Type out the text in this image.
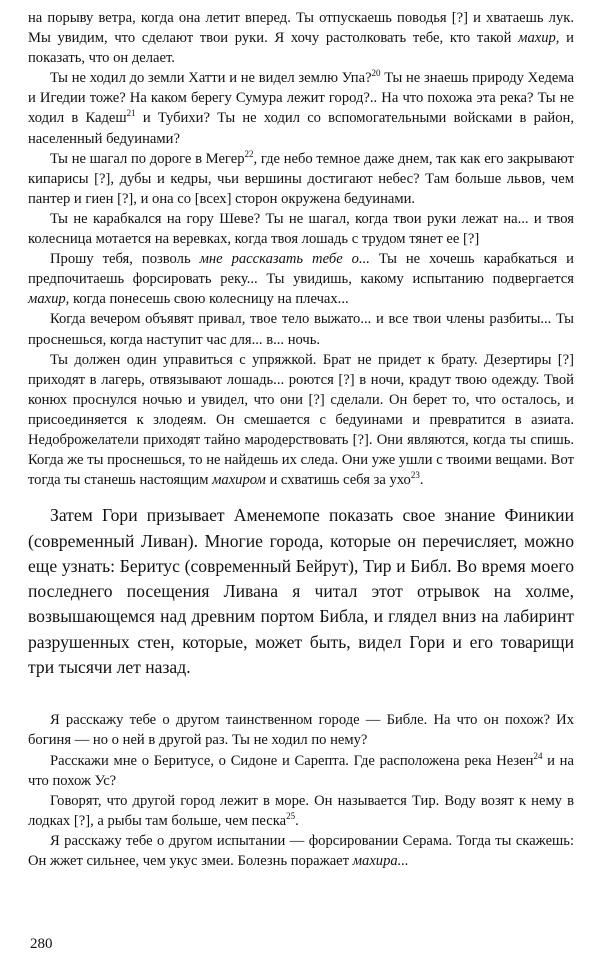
на порыву ветра, когда она летит вперед. Ты отпускаешь поводья [?] и хватаешь лук. Мы увидим, что сделают твои руки. Я хочу растолковать тебе, кто такой махир, и показать, что он делает.

Ты не ходил до земли Хатти и не видел землю Упа?$^{20}$ Ты не знаешь природу Хедема и Игедии тоже? На каком берегу Сумура лежит город?.. На что похожа эта река? Ты не ходил в Кадеш$^{21}$ и Тубихи? Ты не ходил со вспомогательными войсками в район, населенный бедуинами?

Ты не шагал по дороге в Мегер$^{22}$, где небо темное даже днем, так как его закрывают кипарисы [?], дубы и кедры, чьи вершины достигают небес? Там больше львов, чем пантер и гиен [?], и она со [всех] сторон окружена бедуинами.

Ты не карабкался на гору Шеве? Ты не шагал, когда твои руки лежат на... и твоя колесница мотается на веревках, когда твоя лошадь с трудом тянет ее [?]

Прошу тебя, позволь мне рассказать тебе о... Ты не хочешь карабкаться и предпочитаешь форсировать реку... Ты увидишь, какому испытанию подвергается махир, когда понесешь свою колесницу на плечах...

Когда вечером объявят привал, твое тело выжато... и все твои члены разбиты... Ты проснешься, когда наступит час для... в... ночь.

Ты должен один управиться с упряжкой. Брат не придет к брату. Дезертиры [?] приходят в лагерь, отвязывают лошадь... роются [?] в ночи, крадут твою одежду. Твой конюх проснулся ночью и увидел, что они [?] сделали. Он берет то, что осталось, и присоединяется к злодеям. Он смешается с бедуинами и превратится в азиата. Недоброжелатели приходят тайно мародерствовать [?]. Они являются, когда ты спишь. Когда же ты проснешься, то не найдешь их следа. Они уже ушли с твоими вещами. Вот тогда ты станешь настоящим махиром и схватишь себя за ухо$^{23}$.

Затем Гори призывает Аменемопе показать свое знание Финикии (современный Ливан). Многие города, которые он перечисляет, можно еще узнать: Беритус (современный Бейрут), Тир и Библ. Во время моего последнего посещения Ливана я читал этот отрывок на холме, возвышающемся над древним портом Библа, и глядел вниз на лабиринт разрушенных стен, которые, может быть, видел Гори и его товарищи три тысячи лет назад.

Я расскажу тебе о другом таинственном городе — Библе. На что он похож? Их богиня — но о ней в другой раз. Ты не ходил по нему?

Расскажи мне о Беритусе, о Сидоне и Сарепта. Где расположена река Незен$^{24}$ и на что похож Ус?

Говорят, что другой город лежит в море. Он называется Тир. Воду возят к нему в лодках [?], а рыбы там больше, чем песка$^{25}$.

Я расскажу тебе о другом испытании — форсировании Серама. Тогда ты скажешь: Он жжет сильнее, чем укус змеи. Болезнь поражает махира...

280
